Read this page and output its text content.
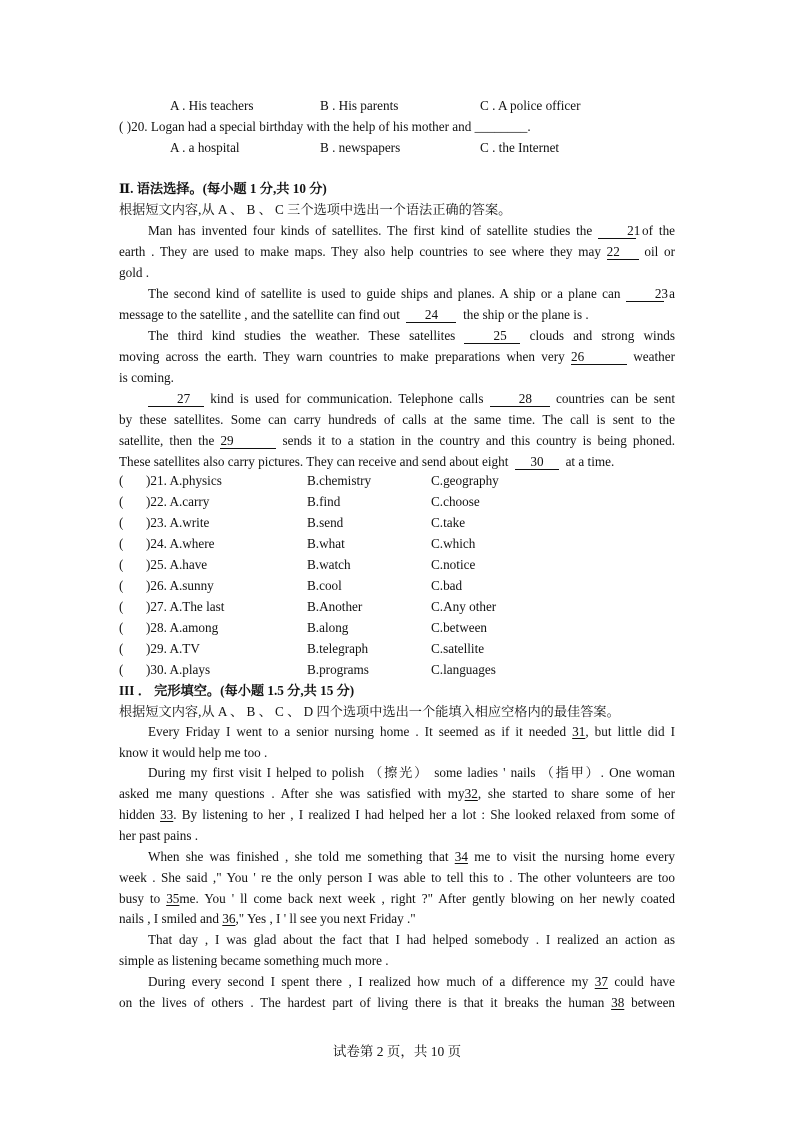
A . His teachers	B . His parents	C . A police officer
( )20. Logan had a special birthday with the help of his mother and ________.
A . a hospital	B . newspapers	C . the Internet
Ⅱ. 语法选择。(每小题 1 分,共 10 分)
根据短文内容,从 A 、 B 、 C 三个选项中选出一个语法正确的答案。
Man has invented four kinds of satellites. The first kind of satellite studies the	21 of the
earth . They are used to make maps. They also help countries to see where they may 22 oil or
gold .
The second kind of satellite is used to guide ships and planes. A ship or a plane can	23 a
message to the satellite , and the satellite can find out 24 the ship or the plane is .
The third kind studies the weather. These satellites	25 clouds and strong winds
moving across the earth. They warn countries to make preparations when very 26	weather
is coming.
27 kind is used for communication. Telephone calls	28 countries can be sent
by these satellites. Some can carry hundreds of calls at the same time. The call is sent to the
satellite, then the 29	sends it to a station in the country and this country is being phoned.
These satellites also carry pictures. They can receive and send about eight 30 at a time.
( )21. A.physics	B.chemistry	C.geography
( )22. A.carry	B.find	C.choose
( )23. A.write	B.send	C.take
( )24. A.where	B.what	C.which
( )25. A.have	B.watch	C.notice
( )26. A.sunny	B.cool	C.bad
( )27. A.The last	B.Another	C.Any other
( )28. A.among	B.along	C.between
( )29. A.TV	B.telegraph	C.satellite
( )30. A.plays	B.programs	C.languages
III ． 完形填空。(每小题 1.5 分,共 15 分)
根据短文内容,从 A 、 B 、 C 、 D 四个选项中选出一个能填入相应空格内的最佳答案。
Every Friday I went to a senior nursing home . It seemed as if it needed 31, but little did I
know it would help me too .
During my first visit I helped to polish （擦光） some ladies ' nails （指甲）. One woman
asked me many questions . After she was satisfied with my32, she started to share some of her
hidden 33. By listening to her , I realized I had helped her a lot : She looked relaxed from some of
her past pains .
When she was finished , she told me something that 34 me to visit the nursing home every
week . She said ," You ' re the only person I was able to tell this to . The other volunteers are too
busy to 35me. You ' ll come back next week , right ?" After gently blowing on her newly coated
nails , I smiled and 36," Yes , I ' ll see you next Friday ."
That day , I was glad about the fact that I had helped somebody . I realized an action as
simple as listening became something much more .
During every second I spent there , I realized how much of a difference my 37 could have
on the lives of others . The hardest part of living there is that it breaks the human 38 between
试卷第 2 页，共 10 页
